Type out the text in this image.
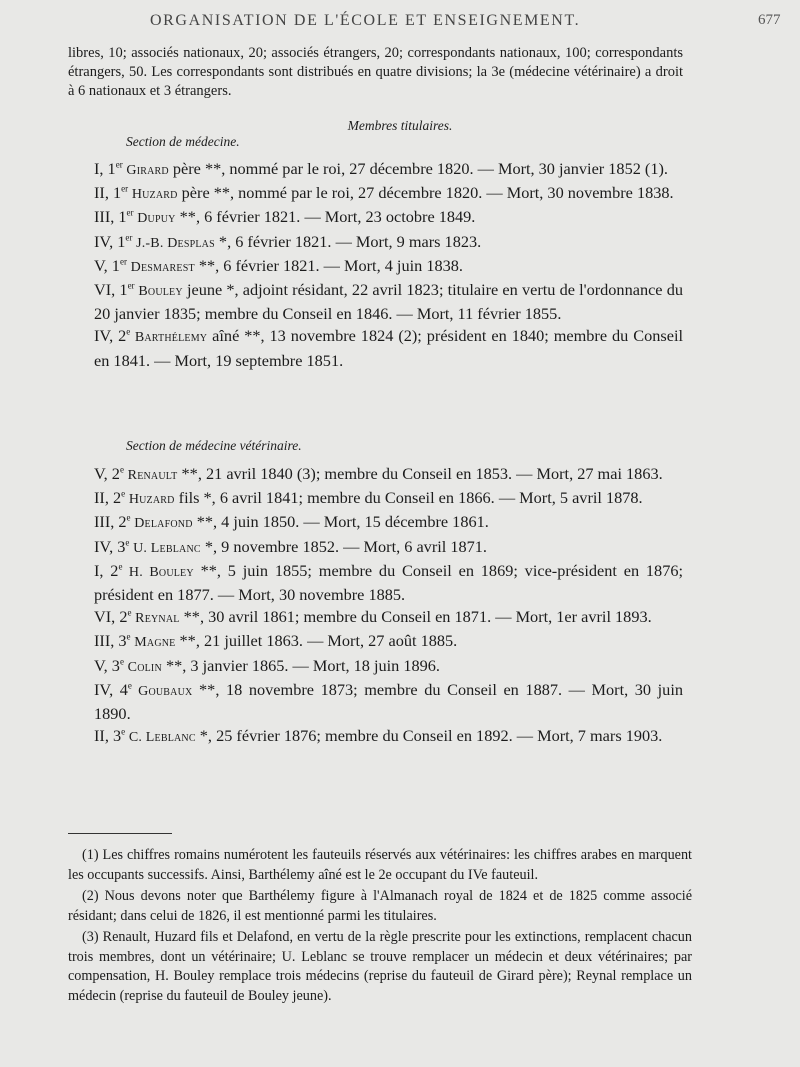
ORGANISATION DE L'ÉCOLE ET ENSEIGNEMENT.	677
libres, 10; associés nationaux, 20; associés étrangers, 20; correspondants nationaux, 100; correspondants étrangers, 50. Les correspondants sont distribués en quatre divisions; la 3e (médecine vétérinaire) a droit à 6 nationaux et 3 étrangers.
Membres titulaires.
Section de médecine.

I, 1er Girard père **, nommé par le roi, 27 décembre 1820. — Mort, 30 janvier 1852 (1).

II, 1er Huzard père **, nommé par le roi, 27 décembre 1820. — Mort, 30 novembre 1838.

III, 1er Dupuy **, 6 février 1821. — Mort, 23 octobre 1849.

IV, 1er J.-B. Desplas *, 6 février 1821. — Mort, 9 mars 1823.

V, 1er Desmarest **, 6 février 1821. — Mort, 4 juin 1838.

VI, 1er Bouley jeune *, adjoint résidant, 22 avril 1823; titulaire en vertu de l'ordonnance du 20 janvier 1835; membre du Conseil en 1846. — Mort, 11 février 1855.

IV, 2e Barthélemy aîné **, 13 novembre 1824 (2); président en 1840; membre du Conseil en 1841. — Mort, 19 septembre 1851.

Section de médecine vétérinaire.

V, 2e Renault **, 21 avril 1840 (3); membre du Conseil en 1853. — Mort, 27 mai 1863.

II, 2e Huzard fils *, 6 avril 1841; membre du Conseil en 1866. — Mort, 5 avril 1878.

III, 2e Delafond **, 4 juin 1850. — Mort, 15 décembre 1861.

IV, 3e U. Leblanc *, 9 novembre 1852. — Mort, 6 avril 1871.

I, 2e H. Bouley **, 5 juin 1855; membre du Conseil en 1869; vice-président en 1876; président en 1877. — Mort, 30 novembre 1885.

VI, 2e Reynal **, 30 avril 1861; membre du Conseil en 1871. — Mort, 1er avril 1893.

III, 3e Magne **, 21 juillet 1863. — Mort, 27 août 1885.

V, 3e Colin **, 3 janvier 1865. — Mort, 18 juin 1896.

IV, 4e Goubaux **, 18 novembre 1873; membre du Conseil en 1887. — Mort, 30 juin 1890.

II, 3e C. Leblanc *, 25 février 1876; membre du Conseil en 1892. — Mort, 7 mars 1903.

(1) Les chiffres romains numérotent les fauteuils réservés aux vétérinaires: les chiffres arabes en marquent les occupants successifs. Ainsi, Barthélemy aîné est le 2e occupant du IVe fauteuil.

(2) Nous devons noter que Barthélemy figure à l'Almanach royal de 1824 et de 1825 comme associé résidant; dans celui de 1826, il est mentionné parmi les titulaires.

(3) Renault, Huzard fils et Delafond, en vertu de la règle prescrite pour les extinctions, remplacent chacun trois membres, dont un vétérinaire; U. Leblanc se trouve remplacer un médecin et deux vétérinaires; par compensation, H. Bouley remplace trois médecins (reprise du fauteuil de Girard père); Reynal remplace un médecin (reprise du fauteuil de Bouley jeune).
